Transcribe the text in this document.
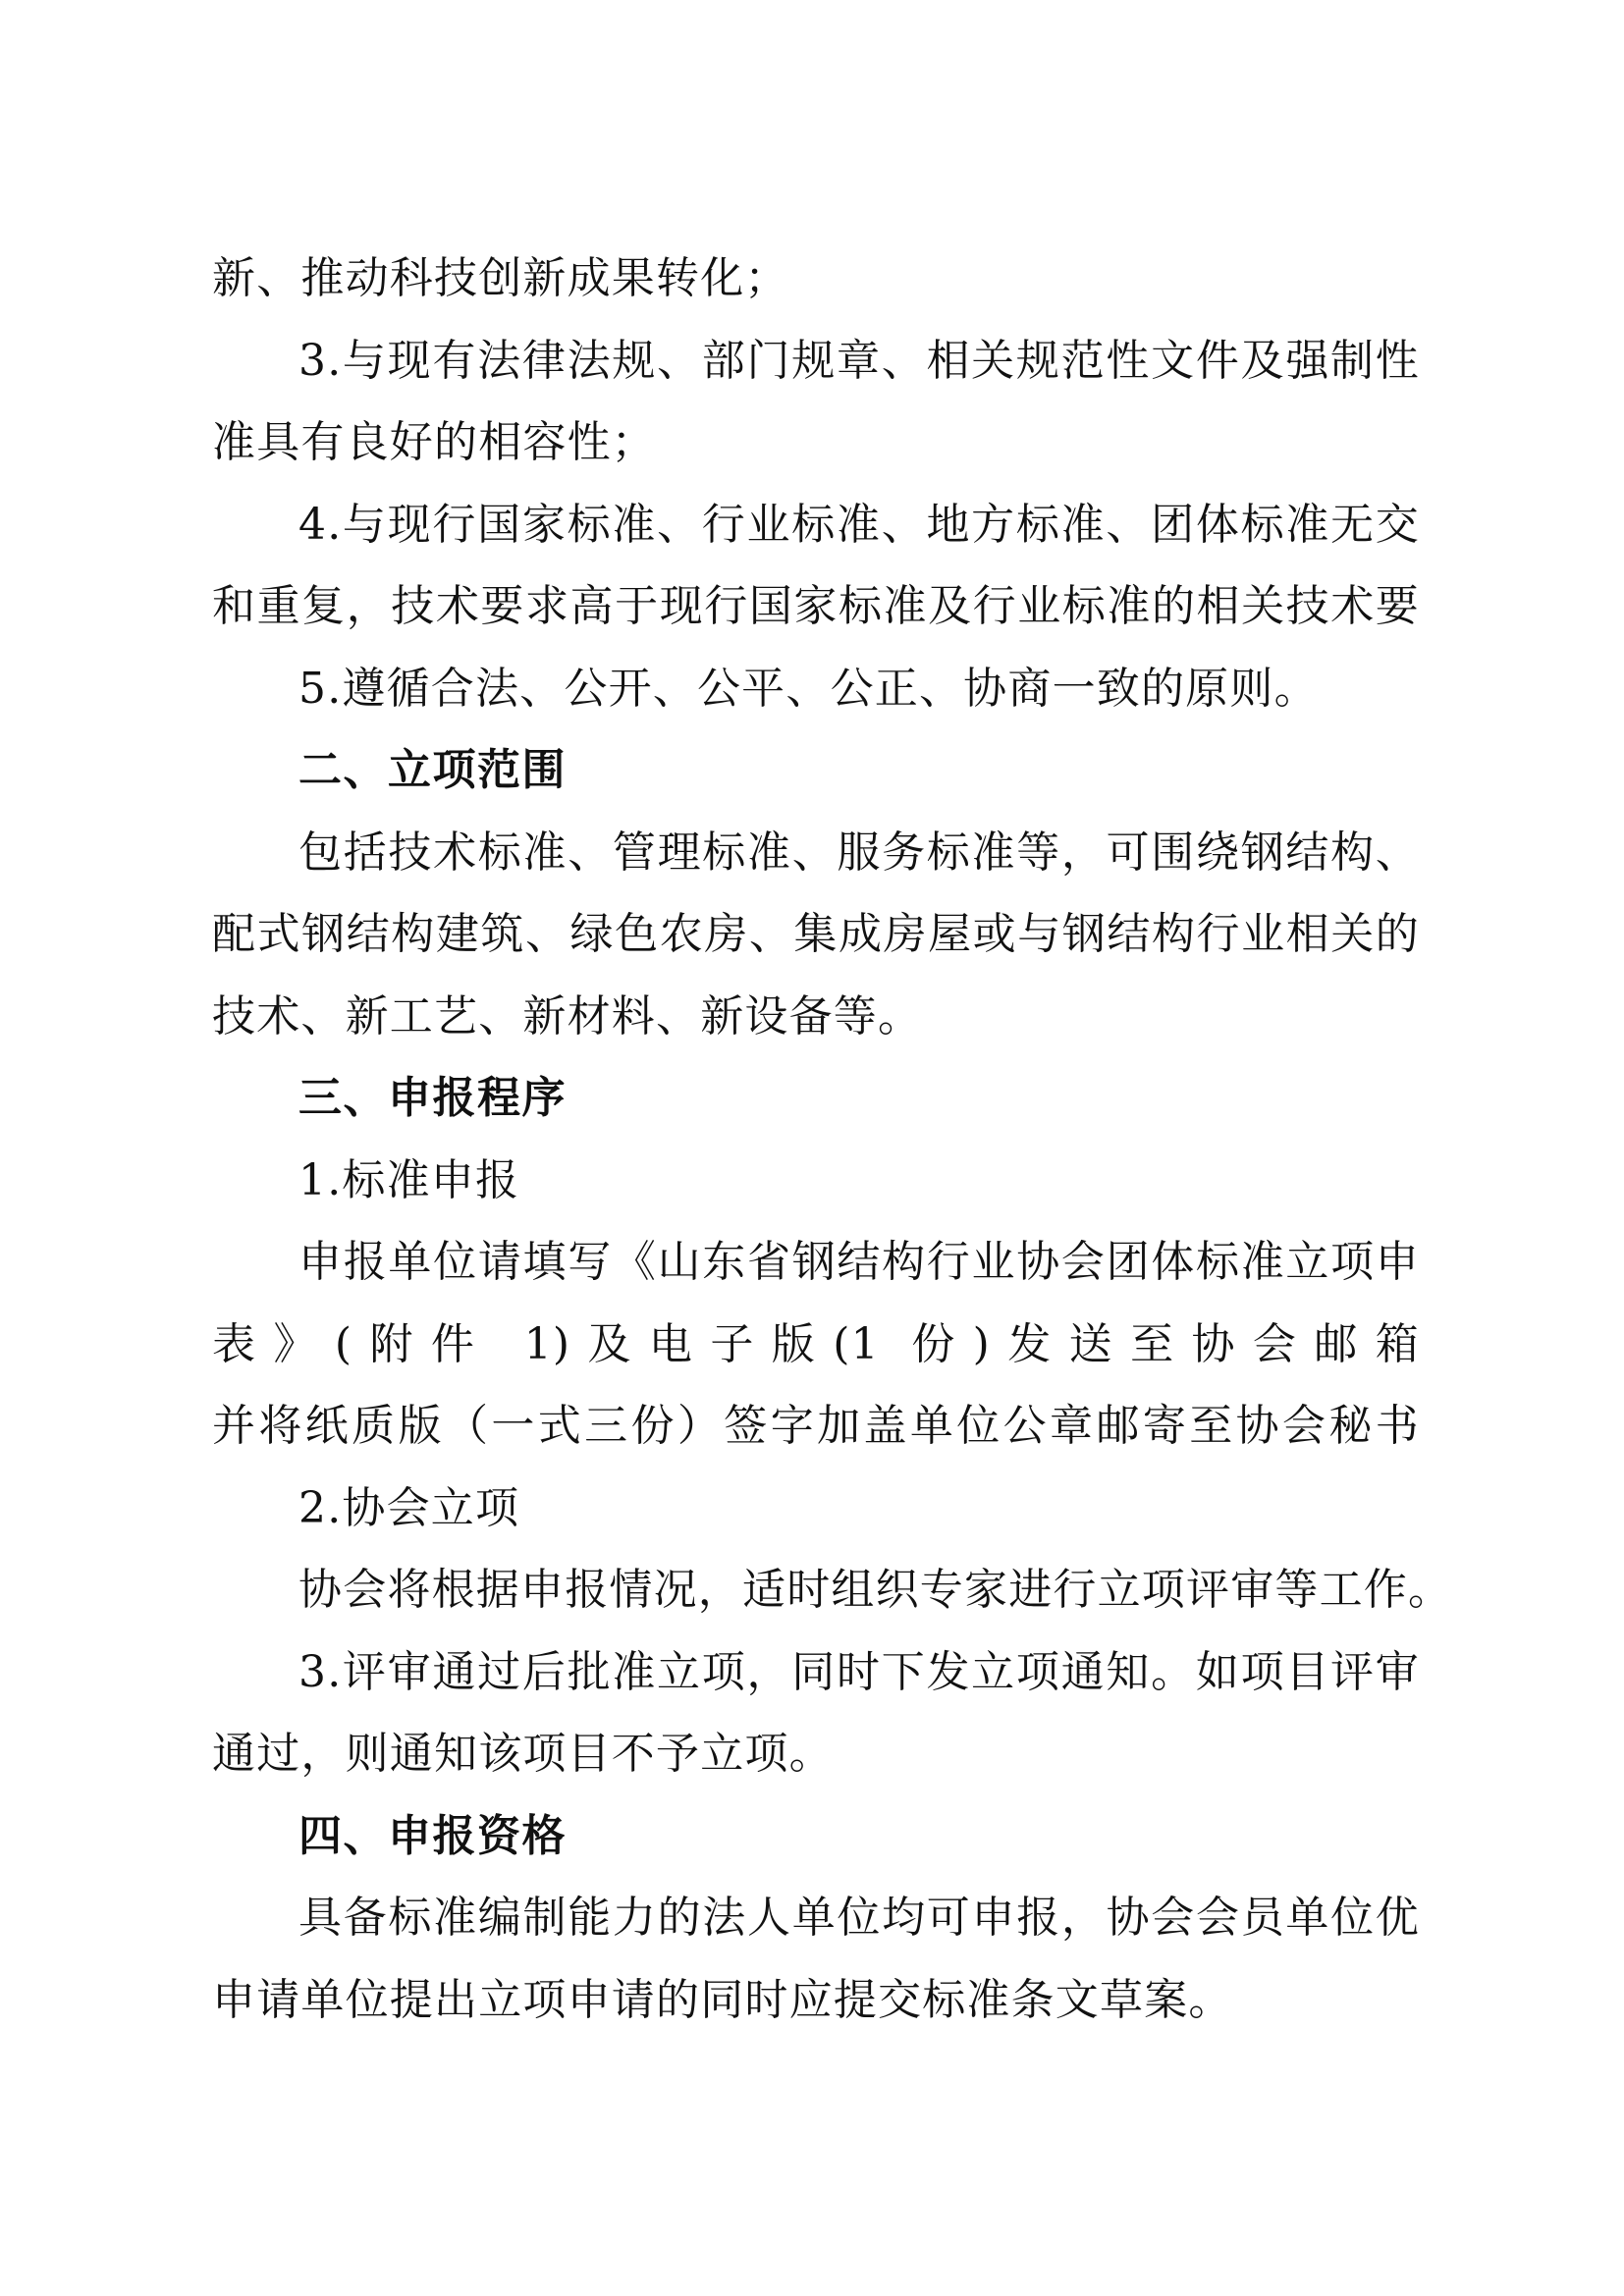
新、推动科技创新成果转化；
3.与现有法律法规、部门规章、相关规范性文件及强制性
准具有良好的相容性；
4.与现行国家标准、行业标准、地方标准、团体标准无交
和重复，技术要求高于现行国家标准及行业标准的相关技术要
5.遵循合法、公开、公平、公正、协商一致的原则。
二、立项范围
包括技术标准、管理标准、服务标准等，可围绕钢结构、
配式钢结构建筑、绿色农房、集成房屋或与钢结构行业相关的
技术、新工艺、新材料、新设备等。
三、申报程序
1.标准申报
申报单位请填写《山东省钢结构行业协会团体标准立项申
表》(附件 1)及电子版(1 份)发送至协会邮箱
并将纸质版（一式三份）签字加盖单位公章邮寄至协会秘书
2.协会立项
协会将根据申报情况，适时组织专家进行立项评审等工作。
3.评审通过后批准立项，同时下发立项通知。如项目评审
通过，则通知该项目不予立项。
四、申报资格
具备标准编制能力的法人单位均可申报，协会会员单位优
申请单位提出立项申请的同时应提交标准条文草案。
